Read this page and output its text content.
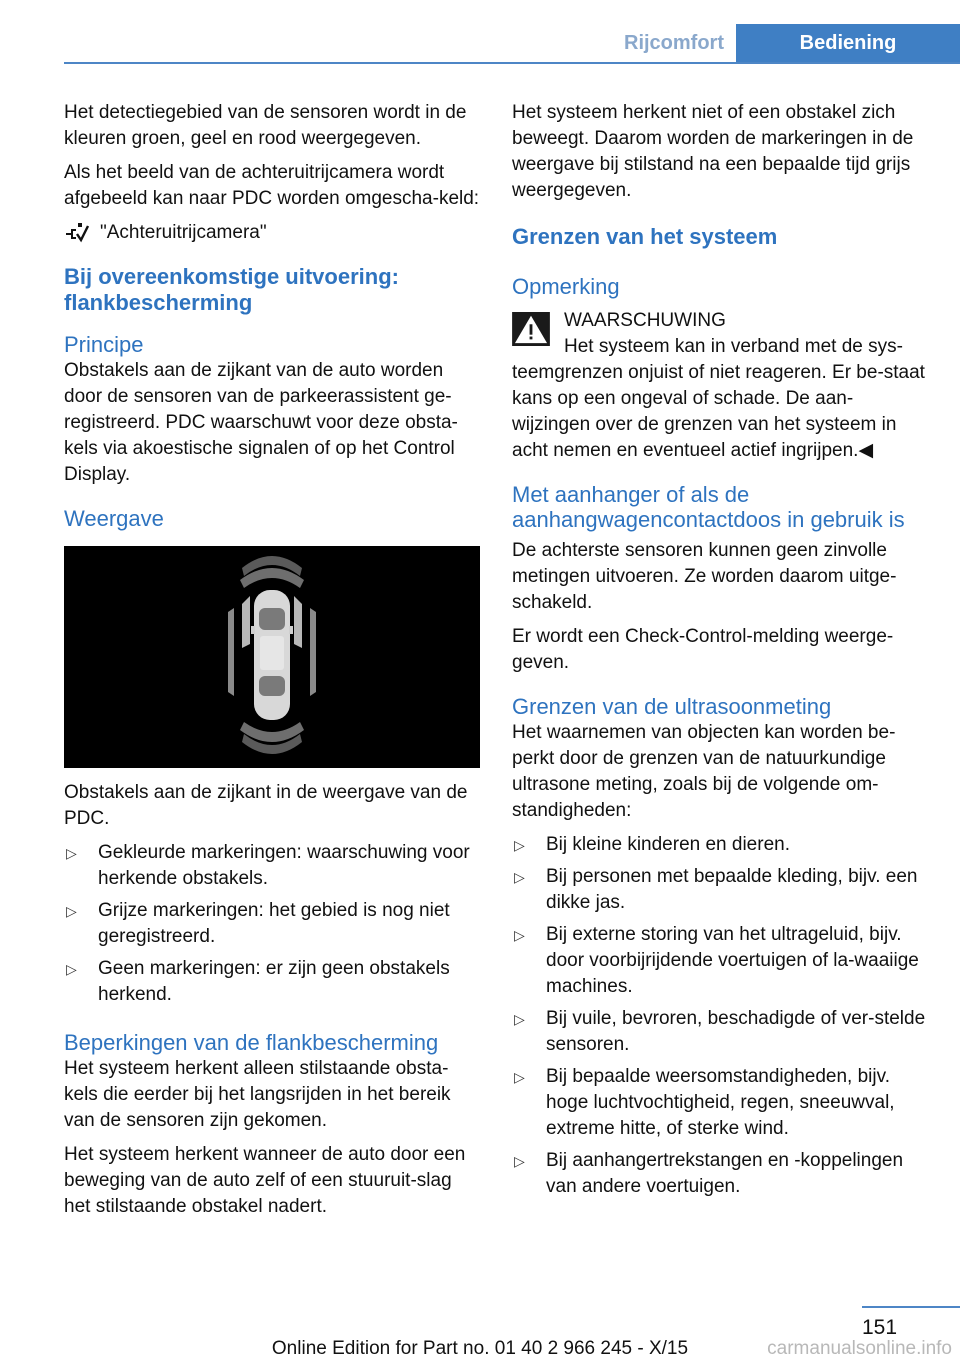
Rijcomfort	Bediening

Het detectiegebied van de sensoren wordt in de kleuren groen, geel en rood weergegeven.

Als het beeld van de achteruitrijcamera wordt afgebeeld kan naar PDC worden omgescha-keld:

"Achteruitrijcamera"
Bij overeenkomstige uitvoering: flankbescherming
Principe

Obstakels aan de zijkant van de auto worden door de sensoren van de parkeerassistent ge-registreerd. PDC waarschuwt voor deze obsta-kels via akoestische signalen of op het Control Display.

Weergave

Obstakels aan de zijkant in de weergave van de PDC.

▷ Gekleurde markeringen: waarschuwing voor herkende obstakels.
▷ Grijze markeringen: het gebied is nog niet geregistreerd.
▷ Geen markeringen: er zijn geen obstakels herkend.
Beperkingen van de flankbescherming

Het systeem herkent alleen stilstaande obsta-kels die eerder bij het langsrijden in het bereik van de sensoren zijn gekomen.

Het systeem herkent wanneer de auto door een beweging van de auto zelf of een stuuruit-slag het stilstaande obstakel nadert.

Het systeem herkent niet of een obstakel zich beweegt. Daarom worden de markeringen in de weergave bij stilstand na een bepaalde tijd grijs weergegeven.

Grenzen van het systeem
Opmerking

WAARSCHUWING

Het systeem kan in verband met de sys-teemgrenzen onjuist of niet reageren. Er be-staat kans op een ongeval of schade. De aan-wijzingen over de grenzen van het systeem in acht nemen en eventueel actief ingrijpen.◀

Met aanhanger of als de aanhangwagencontactdoos in gebruik is

De achterste sensoren kunnen geen zinvolle metingen uitvoeren. Ze worden daarom uitge-schakeld.

Er wordt een Check-Control-melding weerge-geven.

Grenzen van de ultrasoonmeting

Het waarnemen van objecten kan worden be-perkt door de grenzen van de natuurkundige ultrasone meting, zoals bij de volgende om-standigheden:

▷ Bij kleine kinderen en dieren.
▷ Bij personen met bepaalde kleding, bijv. een dikke jas.
▷ Bij externe storing van het ultrageluid, bijv. door voorbijrijdende voertuigen of la-waaiige machines.
▷ Bij vuile, bevroren, beschadigde of ver-stelde sensoren.
▷ Bij bepaalde weersomstandigheden, bijv. hoge luchtvochtigheid, regen, sneeuwval, extreme hitte, of sterke wind.
▷ Bij aanhangertrekstangen en -koppelingen van andere voertuigen.
151
Online Edition for Part no. 01 40 2 966 245 - X/15	carmanualsonline.info
